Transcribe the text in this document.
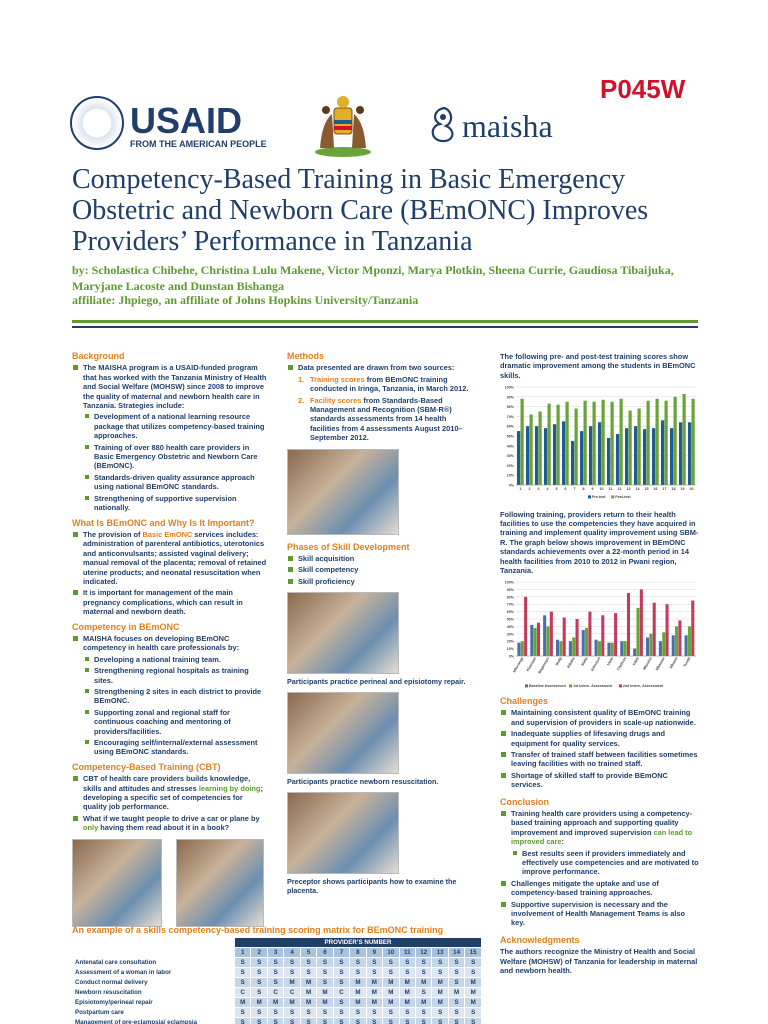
USAID
FROM THE AMERICAN PEOPLE	maisha
P045W
Competency-Based Training in Basic Emergency Obstetric and Newborn Care (BEmONC) Improves Providers’ Performance in Tanzania
by: Scholastica Chibehe, Christina Lulu Makene, Victor Mponzi, Marya Plotkin, Sheena Currie, Gaudiosa Tibaijuka, Maryjane Lacoste and Dunstan Bishanga
affiliate: Jhpiego, an affiliate of Johns Hopkins University/Tanzania
Background
The MAISHA program is a USAID-funded program that has worked with the Tanzania Ministry of Health and Social Welfare (MOHSW) since 2008 to improve the quality of maternal and newborn health care in Tanzania. Strategies include:
Development of a national learning resource package that utilizes competency-based training approaches.
Training of over 880 health care providers in Basic Emergency Obstetric and Newborn Care (BEmONC).
Standards-driven quality assurance approach using national BEmONC standards.
Strengthening of supportive supervision nationally.
What Is BEmONC and Why Is It Important?
The provision of Basic EmONC services includes: administration of parenteral antibiotics, uterotonics and anticonvulsants; assisted vaginal delivery; manual removal of the placenta; removal of retained uterine products; and neonatal resuscitation when indicated.
It is important for management of the main pregnancy complications, which can result in maternal and newborn death.
Competency in BEmONC
MAISHA focuses on developing BEmONC competency in health care professionals by:
Developing a national training team.
Strengthening regional hospitals as training sites.
Strengthening 2 sites in each district to provide BEmONC.
Supporting zonal and regional staff for continuous coaching and mentoring of providers/facilities.
Encouraging self/internal/external assessment using BEmONC standards.
Competency-Based Training (CBT)
CBT of health care providers builds knowledge, skills and attitudes and stresses learning by doing; developing a specific set of competencies for quality job performance.
What if we taught people to drive a car or plane by only having them read about it in a book?
Methods
Data presented are drawn from two sources:
1. Training scores from BEmONC training conducted in Iringa, Tanzania, in March 2012.
2. Facility scores from Standards-Based Management and Recognition (SBM-R®) standards assessments from 14 health facilities from 4 assessments August 2010–September 2012.
Phases of Skill Development
Skill acquisition
Skill competency
Skill proficiency
Participants practice perineal and episiotomy repair.
Participants practice newborn resuscitation.
Preceptor shows participants how to examine the placenta.

The following pre- and post-test training scores show dramatic improvement among the students in BEmONC skills.

0%
10%
20%
30%
40%
50%
60%
70%
80%
90%
100%
1 2 3 4 5 6 7 8 9 10 11 12 13 14 15 16 17 18 19 20
Pre-test	Post-test

Following training, providers return to their health facilities to use the competencies they have acquired in training and implement quality improvement using SBM-R. The graph below shows improvement in BEmONC standards achievements over a 22-month period in 14 health facilities from 2010 to 2012 in Pwani region, Tanzania.

0%
10%
20%
30%
40%
50%
60%
70%
80%
90%
100%
Mkuranga Kisarawe Bagamoyo Rufiji Kibaha Mafia Kilindoni Utete Chalinze Kibiti Mlandizi Mbwewe Mkoani Tumbi
Baseline Assessment 1st Intern. Assessment	2nd Intern. Assessment
Challenges
Maintaining consistent quality of BEmONC training and supervision of providers in scale-up nationwide.
Inadequate supplies of lifesaving drugs and equipment for quality services.
Transfer of trained staff between facilities sometimes leaving facilities with no trained staff.
Shortage of skilled staff to provide BEmONC services.
Conclusion
Training health care providers using a competency-based training approach and supporting quality improvement and improved supervision can lead to improved care:
Best results seen if providers immediately and effectively use competencies and are motivated to improve performance.
Challenges mitigate the uptake and use of competency-based training approaches.
Supportive supervision is necessary and the involvement of Health Management Teams is also key.
Acknowledgments

The authors recognize the Ministry of Health and Social Welfare (MOHSW) of Tanzania for leadership in maternal and newborn health.

An example of a skills competency-based training scoring matrix for BEmONC training
	PROVIDER’S NUMBER														
	1	2	3	4	5	6	7	8	9	10	11	12	13	14	15
Antenatal care consultation	S	S	S	S	S	S	S	S	S	S	S	S	S	S	S
Assessment of a woman in labor	S	S	S	S	S	S	S	S	S	S	S	S	S	S	S
Conduct normal delivery	S	S	S	M	M	S	S	M	M	M	M	M	M	S	M
Newborn resuscitation	C	S	C	C	M	M	C	M	M	M	M	S	M	M	M
Episiotomy/perineal repair	M	M	M	M	M	M	S	M	M	M	M	M	M	S	M
Postpartum care	S	S	S	S	S	S	S	S	S	S	S	S	S	S	S
Management of pre-eclampsia/ eclampsia	S	S	S	S	S	S	S	S	S	S	S	S	S	S	S
